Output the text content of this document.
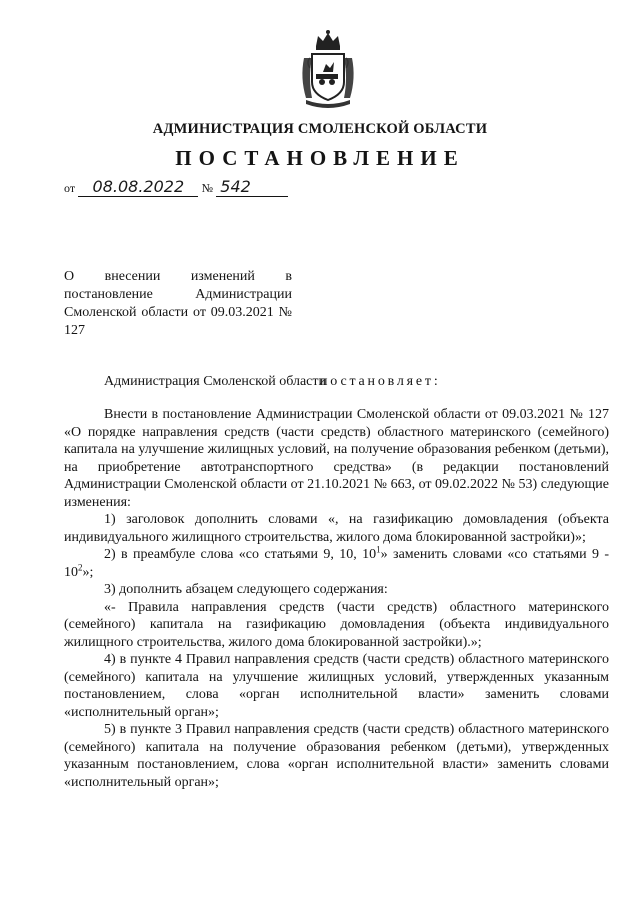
АДМИНИСТРАЦИЯ СМОЛЕНСКОЙ ОБЛАСТИ
ПОСТАНОВЛЕНИЕ
от 08.08.2022 № 542
О внесении изменений в постановление Администрации Смоленской области от 09.03.2021 № 127
Администрация Смоленской области
постановляет:

Внести в постановление Администрации Смоленской области от 09.03.2021 № 127 «О порядке направления средств (части средств) областного материнского (семейного) капитала на улучшение жилищных условий, на получение образования ребенком (детьми), на приобретение автотранспортного средства» (в редакции постановлений Администрации Смоленской области от 21.10.2021 № 663, от 09.02.2022 № 53) следующие изменения:

1) заголовок дополнить словами «, на газификацию домовладения (объекта индивидуального жилищного строительства, жилого дома блокированной застройки)»;

2) в преамбуле слова «со статьями 9, 10, $10^1$» заменить словами «со статьями $9 - 10^2$»;

3) дополнить абзацем следующего содержания:

«- Правила направления средств (части средств) областного материнского (семейного) капитала на газификацию домовладения (объекта индивидуального жилищного строительства, жилого дома блокированной застройки).»;

4) в пункте 4 Правил направления средств (части средств) областного материнского (семейного) капитала на улучшение жилищных условий, утвержденных указанным постановлением, слова «орган исполнительной власти» заменить словами «исполнительный орган»;

5) в пункте 3 Правил направления средств (части средств) областного материнского (семейного) капитала на получение образования ребенком (детьми), утвержденных указанным постановлением, слова «орган исполнительной власти» заменить словами «исполнительный орган»;
